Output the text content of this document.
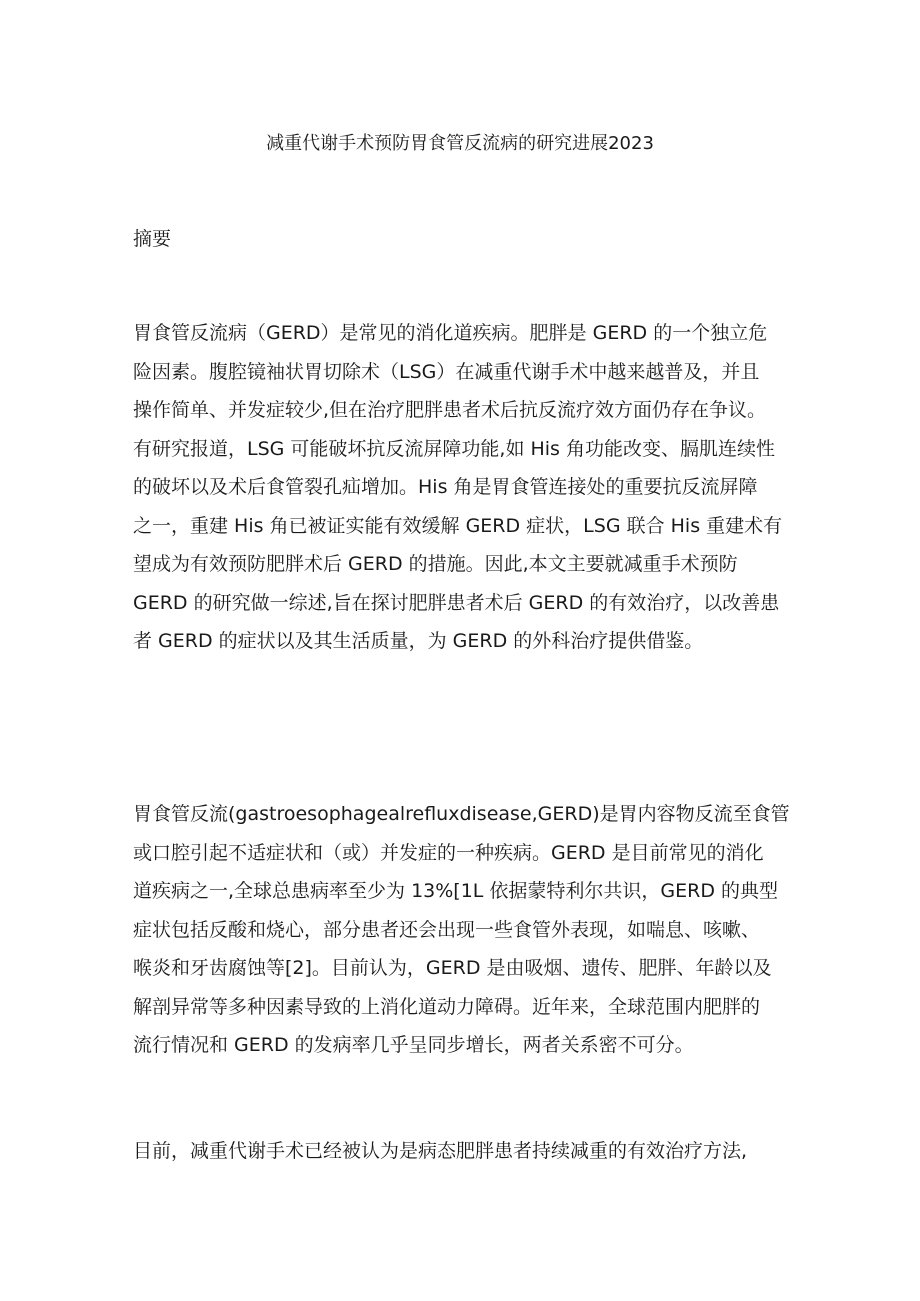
减重代谢手术预防胃食管反流病的研究进展2023
摘要
胃食管反流病（GERD）是常见的消化道疾病。肥胖是 GERD 的一个独立危
险因素。腹腔镜袖状胃切除术（LSG）在减重代谢手术中越来越普及，并且
操作简单、并发症较少,但在治疗肥胖患者术后抗反流疗效方面仍存在争议。
有研究报道，LSG 可能破坏抗反流屏障功能,如 His 角功能改变、膈肌连续性
的破坏以及术后食管裂孔疝增加。His 角是胃食管连接处的重要抗反流屏障
之一，重建 His 角已被证实能有效缓解 GERD 症状，LSG 联合 His 重建术有
望成为有效预防肥胖术后 GERD 的措施。因此,本文主要就减重手术预防
GERD 的研究做一综述,旨在探讨肥胖患者术后 GERD 的有效治疗，以改善患
者 GERD 的症状以及其生活质量，为 GERD 的外科治疗提供借鉴。
胃食管反流(gastroesophagealrefluxdisease,GERD)是胃内容物反流至食管
或口腔引起不适症状和（或）并发症的一种疾病。GERD 是目前常见的消化
道疾病之一,全球总患病率至少为 13%[1L 依据蒙特利尔共识，GERD 的典型
症状包括反酸和烧心，部分患者还会出现一些食管外表现，如喘息、咳嗽、
喉炎和牙齿腐蚀等[2]。目前认为，GERD 是由吸烟、遗传、肥胖、年龄以及
解剖异常等多种因素导致的上消化道动力障碍。近年来，全球范围内肥胖的
流行情况和 GERD 的发病率几乎呈同步增长，两者关系密不可分。
目前，减重代谢手术已经被认为是病态肥胖患者持续减重的有效治疗方法,
